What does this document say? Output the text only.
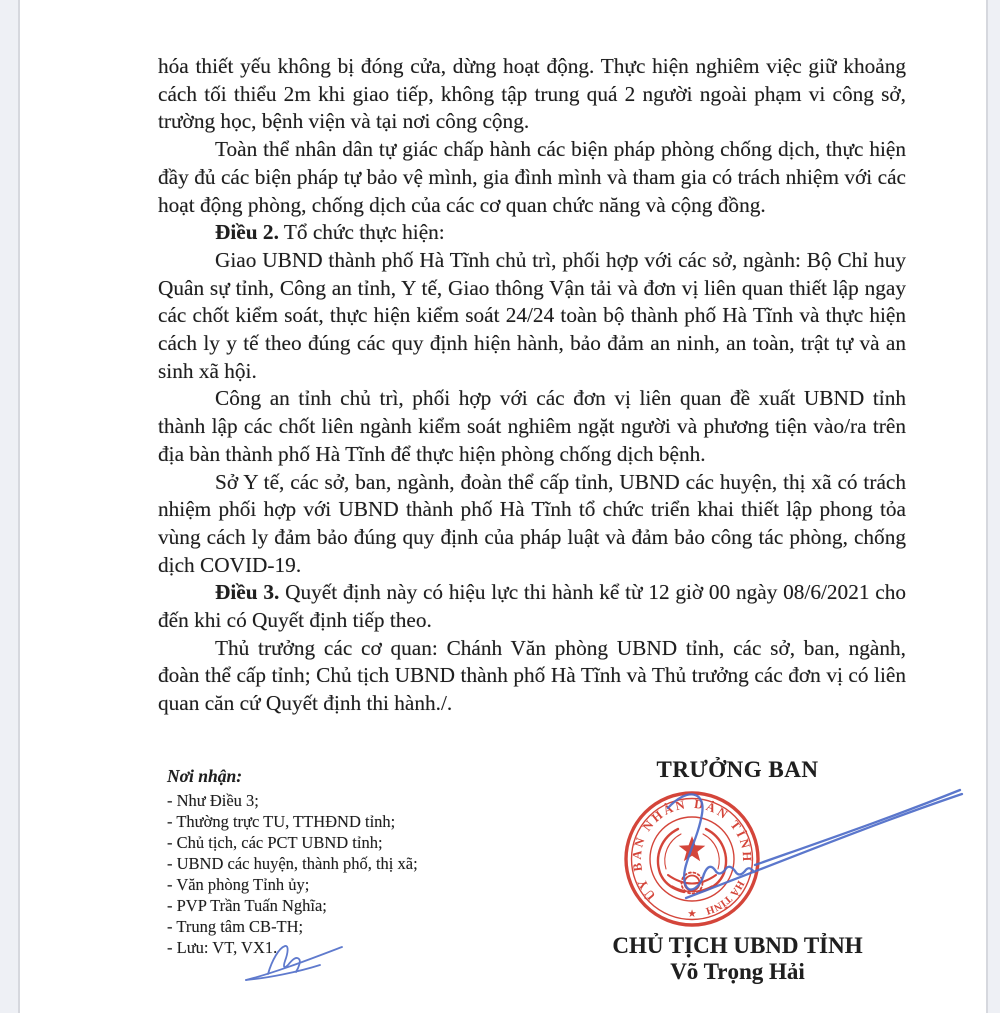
hóa thiết yếu không bị đóng cửa, dừng hoạt động. Thực hiện nghiêm việc giữ khoảng cách tối thiểu 2m khi giao tiếp, không tập trung quá 2 người ngoài phạm vi công sở, trường học, bệnh viện và tại nơi công cộng.

Toàn thể nhân dân tự giác chấp hành các biện pháp phòng chống dịch, thực hiện đầy đủ các biện pháp tự bảo vệ mình, gia đình mình và tham gia có trách nhiệm với các hoạt động phòng, chống dịch của các cơ quan chức năng và cộng đồng.

Điều 2. Tổ chức thực hiện:

Giao UBND thành phố Hà Tĩnh chủ trì, phối hợp với các sở, ngành: Bộ Chỉ huy Quân sự tỉnh, Công an tỉnh, Y tế, Giao thông Vận tải và đơn vị liên quan thiết lập ngay các chốt kiểm soát, thực hiện kiểm soát 24/24 toàn bộ thành phố Hà Tĩnh và thực hiện cách ly y tế theo đúng các quy định hiện hành, bảo đảm an ninh, an toàn, trật tự và an sinh xã hội.

Công an tỉnh chủ trì, phối hợp với các đơn vị liên quan đề xuất UBND tỉnh thành lập các chốt liên ngành kiểm soát nghiêm ngặt người và phương tiện vào/ra trên địa bàn thành phố Hà Tĩnh để thực hiện phòng chống dịch bệnh.

Sở Y tế, các sở, ban, ngành, đoàn thể cấp tỉnh, UBND các huyện, thị xã có trách nhiệm phối hợp với UBND thành phố Hà Tĩnh tổ chức triển khai thiết lập phong tỏa vùng cách ly đảm bảo đúng quy định của pháp luật và đảm bảo công tác phòng, chống dịch COVID-19.

Điều 3. Quyết định này có hiệu lực thi hành kể từ 12 giờ 00 ngày 08/6/2021 cho đến khi có Quyết định tiếp theo.

Thủ trưởng các cơ quan: Chánh Văn phòng UBND tỉnh, các sở, ban, ngành, đoàn thể cấp tỉnh; Chủ tịch UBND thành phố Hà Tĩnh và Thủ trưởng các đơn vị có liên quan căn cứ Quyết định thi hành./.

Nơi nhận:

- Như Điều 3;
- Thường trực TU, TTHĐND tỉnh;
- Chủ tịch, các PCT UBND tỉnh;
- UBND các huyện, thành phố, thị xã;
- Văn phòng Tỉnh ủy;
- PVP Trần Tuấn Nghĩa;
- Trung tâm CB-TH;
- Lưu: VT, VX1.

TRƯỞNG BAN

CHỦ TỊCH UBND TỈNH

Võ Trọng Hải

ỦY BAN NHÂN DÂN TỈNH
HÀ TĨNH
★
